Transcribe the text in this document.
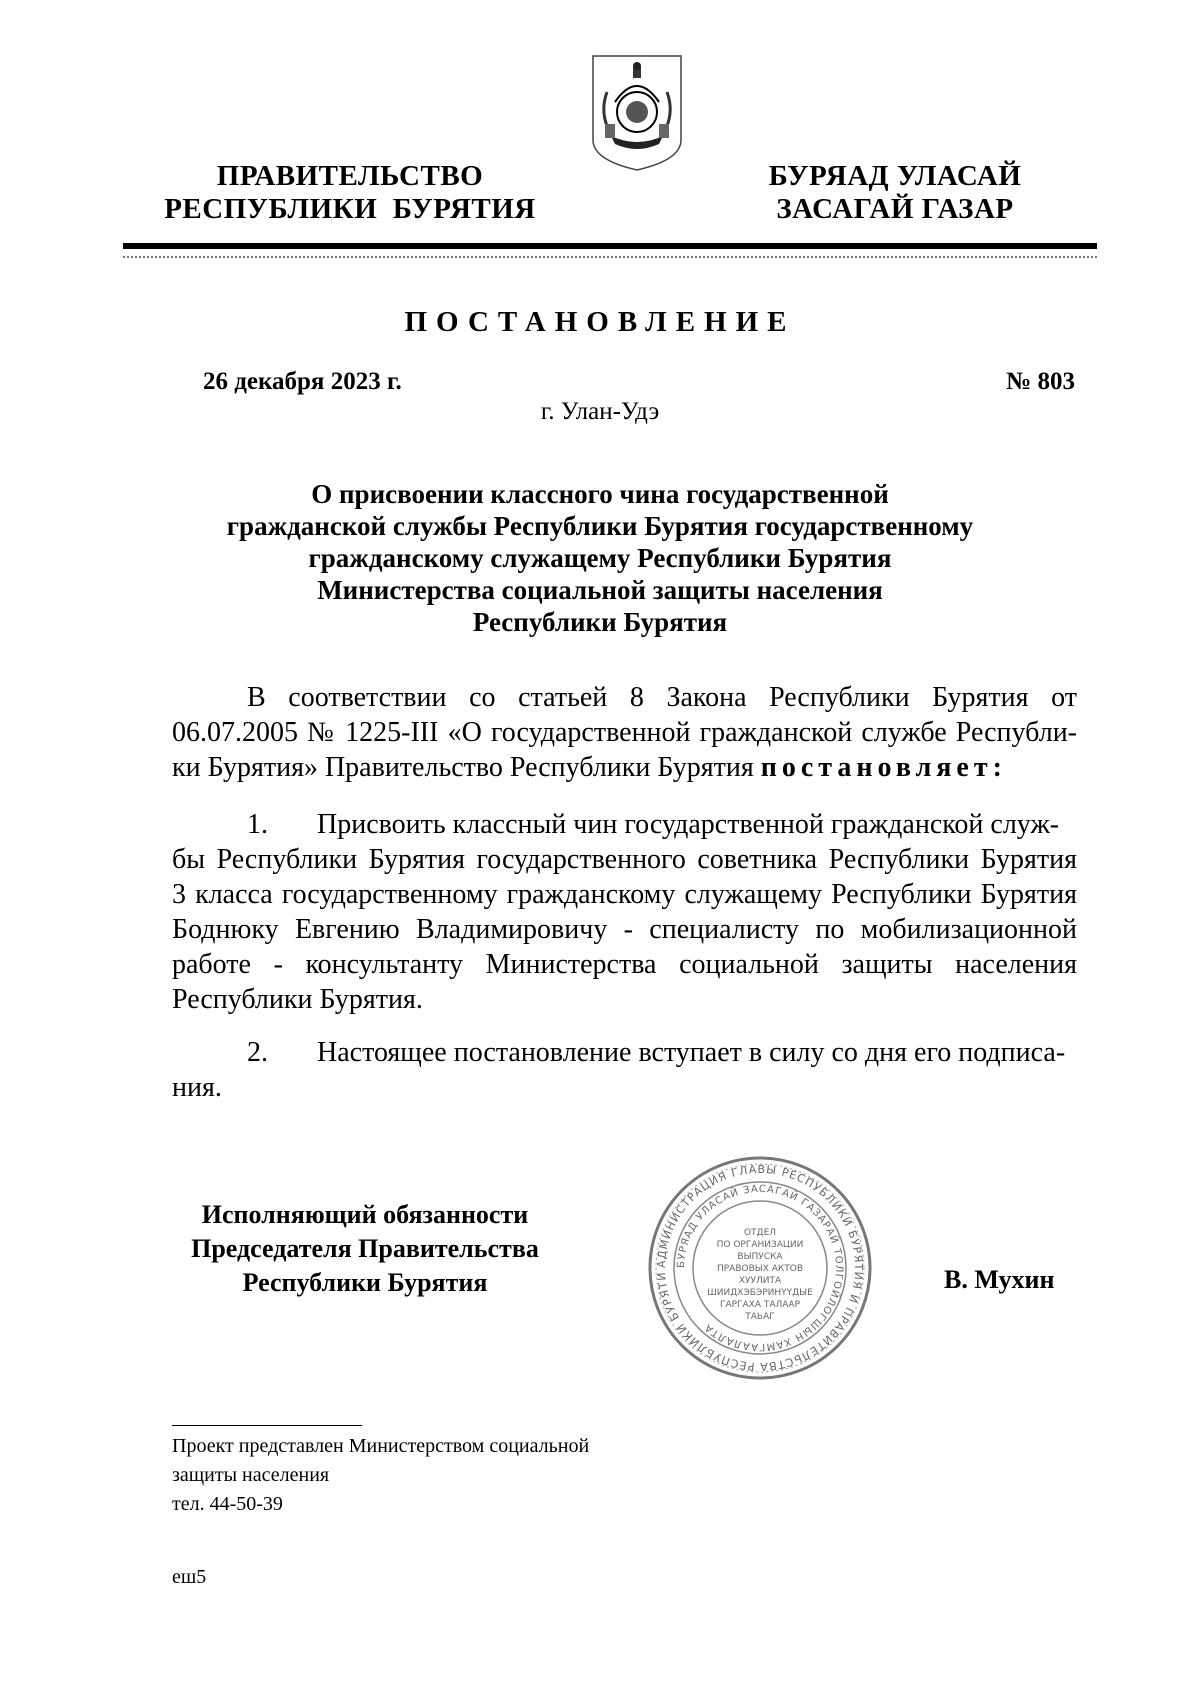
ПРАВИТЕЛЬСТВО
РЕСПУБЛИКИ  БУРЯТИЯ
БУРЯАД УЛАСАЙ
ЗАСАГАЙ ГАЗАР
ПОСТАНОВЛЕНИЕ
26 декабря 2023 г.	№ 803
г. Улан-Удэ
О присвоении классного чина государственной
гражданской службы Республики Бурятия государственному
гражданскому служащему Республики Бурятия
Министерства социальной защиты населения
Республики Бурятия
В соответствии со статьей 8 Закона Республики Бурятия от
06.07.2005 № 1225-III «О государственной гражданской службе Республи-
ки Бурятия» Правительство Республики Бурятия постановляет:
1. Присвоить классный чин государственной гражданской служ-
бы Республики Бурятия государственного советника Республики Бурятия
3 класса государственному гражданскому служащему Республики Бурятия
Боднюку Евгению Владимировичу - специалисту по мобилизационной
работе - консультанту Министерства социальной защиты населения
Республики Бурятия.
2. Настоящее постановление вступает в силу со дня его подписа-
ния.
Исполняющий обязанности
Председателя Правительства
Республики Бурятия
АДМИНИСТРАЦИЯ ГЛАВЫ РЕСПУБЛИКИ БУРЯТИЯ И ПРАВИТЕЛЬСТВА РЕСПУБЛИКИ БУРЯТИ
БУРЯАД УЛАСАЙ ЗАСАГАЙ ГАЗАРАЙ ТОЛГОЙЛОГШЫН ХАМГААЛАЛТА
ОТДЕЛ
ПО ОРГАНИЗАЦИИ
ВЫПУСКА
ПРАВОВЫХ АКТОВ
ХУУЛИТА
ШИИДХЭБЭРИНҮҮДЫЕ
ГАРГАХА ТАЛААР
ТАЬАГ
В. Мухин
Проект представлен Министерством социальной
защиты населения
тел. 44-50-39
еш5
